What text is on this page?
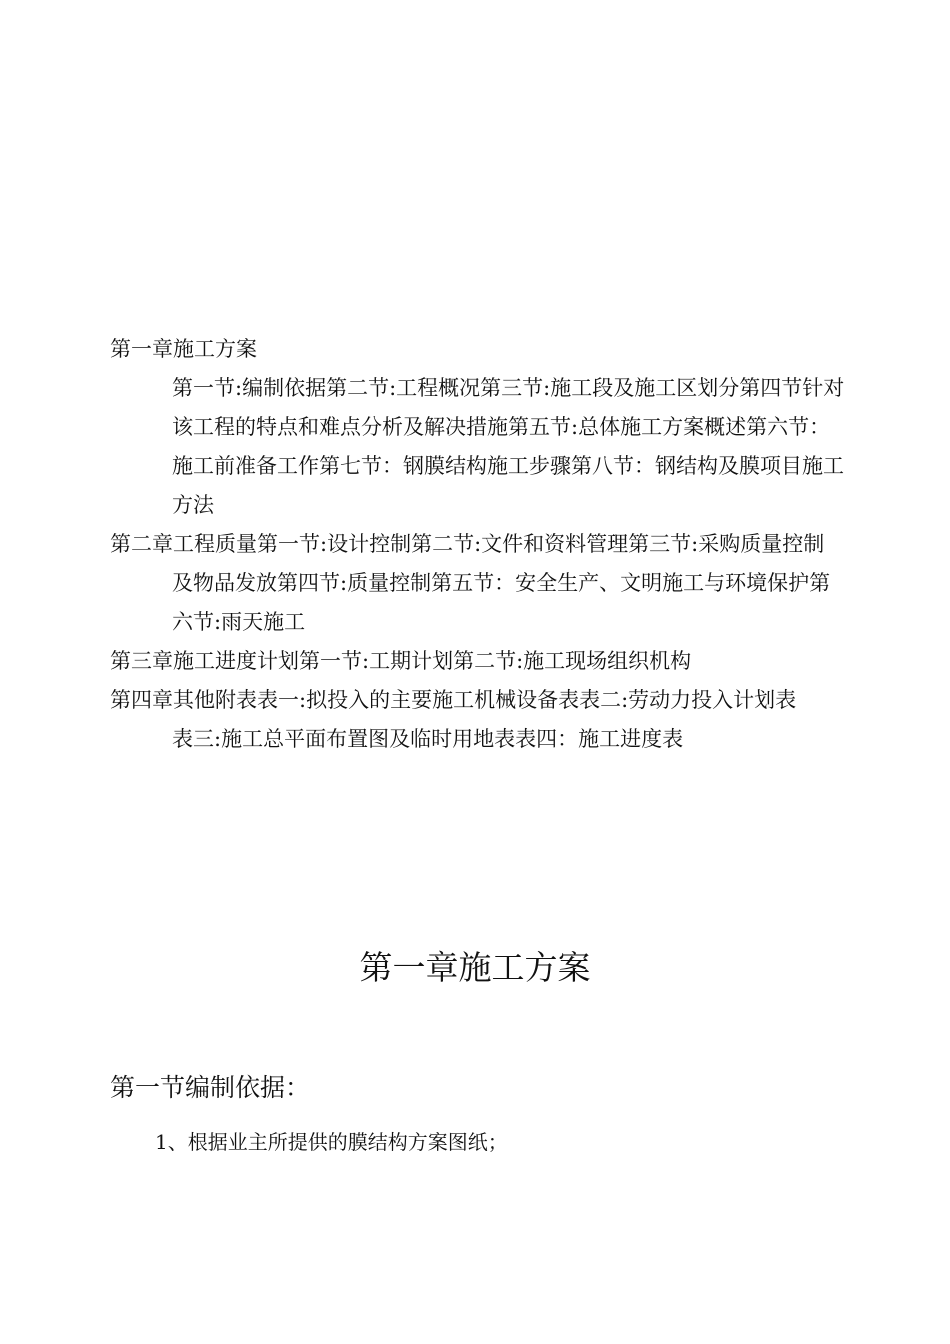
第一章施工方案
第一节:编制依据第二节:工程概况第三节:施工段及施工区划分第四节针对该工程的特点和难点分析及解决措施第五节:总体施工方案概述第六节：施工前准备工作第七节：钢膜结构施工步骤第八节：钢结构及膜项目施工方法

第二章工程质量第一节:设计控制第二节:文件和资料管理第三节:采购质量控制及物品发放第四节:质量控制第五节：安全生产、文明施工与环境保护第六节:雨天施工

第三章施工进度计划第一节:工期计划第二节:施工现场组织机构

第四章其他附表表一:拟投入的主要施工机械设备表表二:劳动力投入计划表
表三:施工总平面布置图及临时用地表表四：施工进度表

第一章施工方案
第一节编制依据：

1、根据业主所提供的膜结构方案图纸；
